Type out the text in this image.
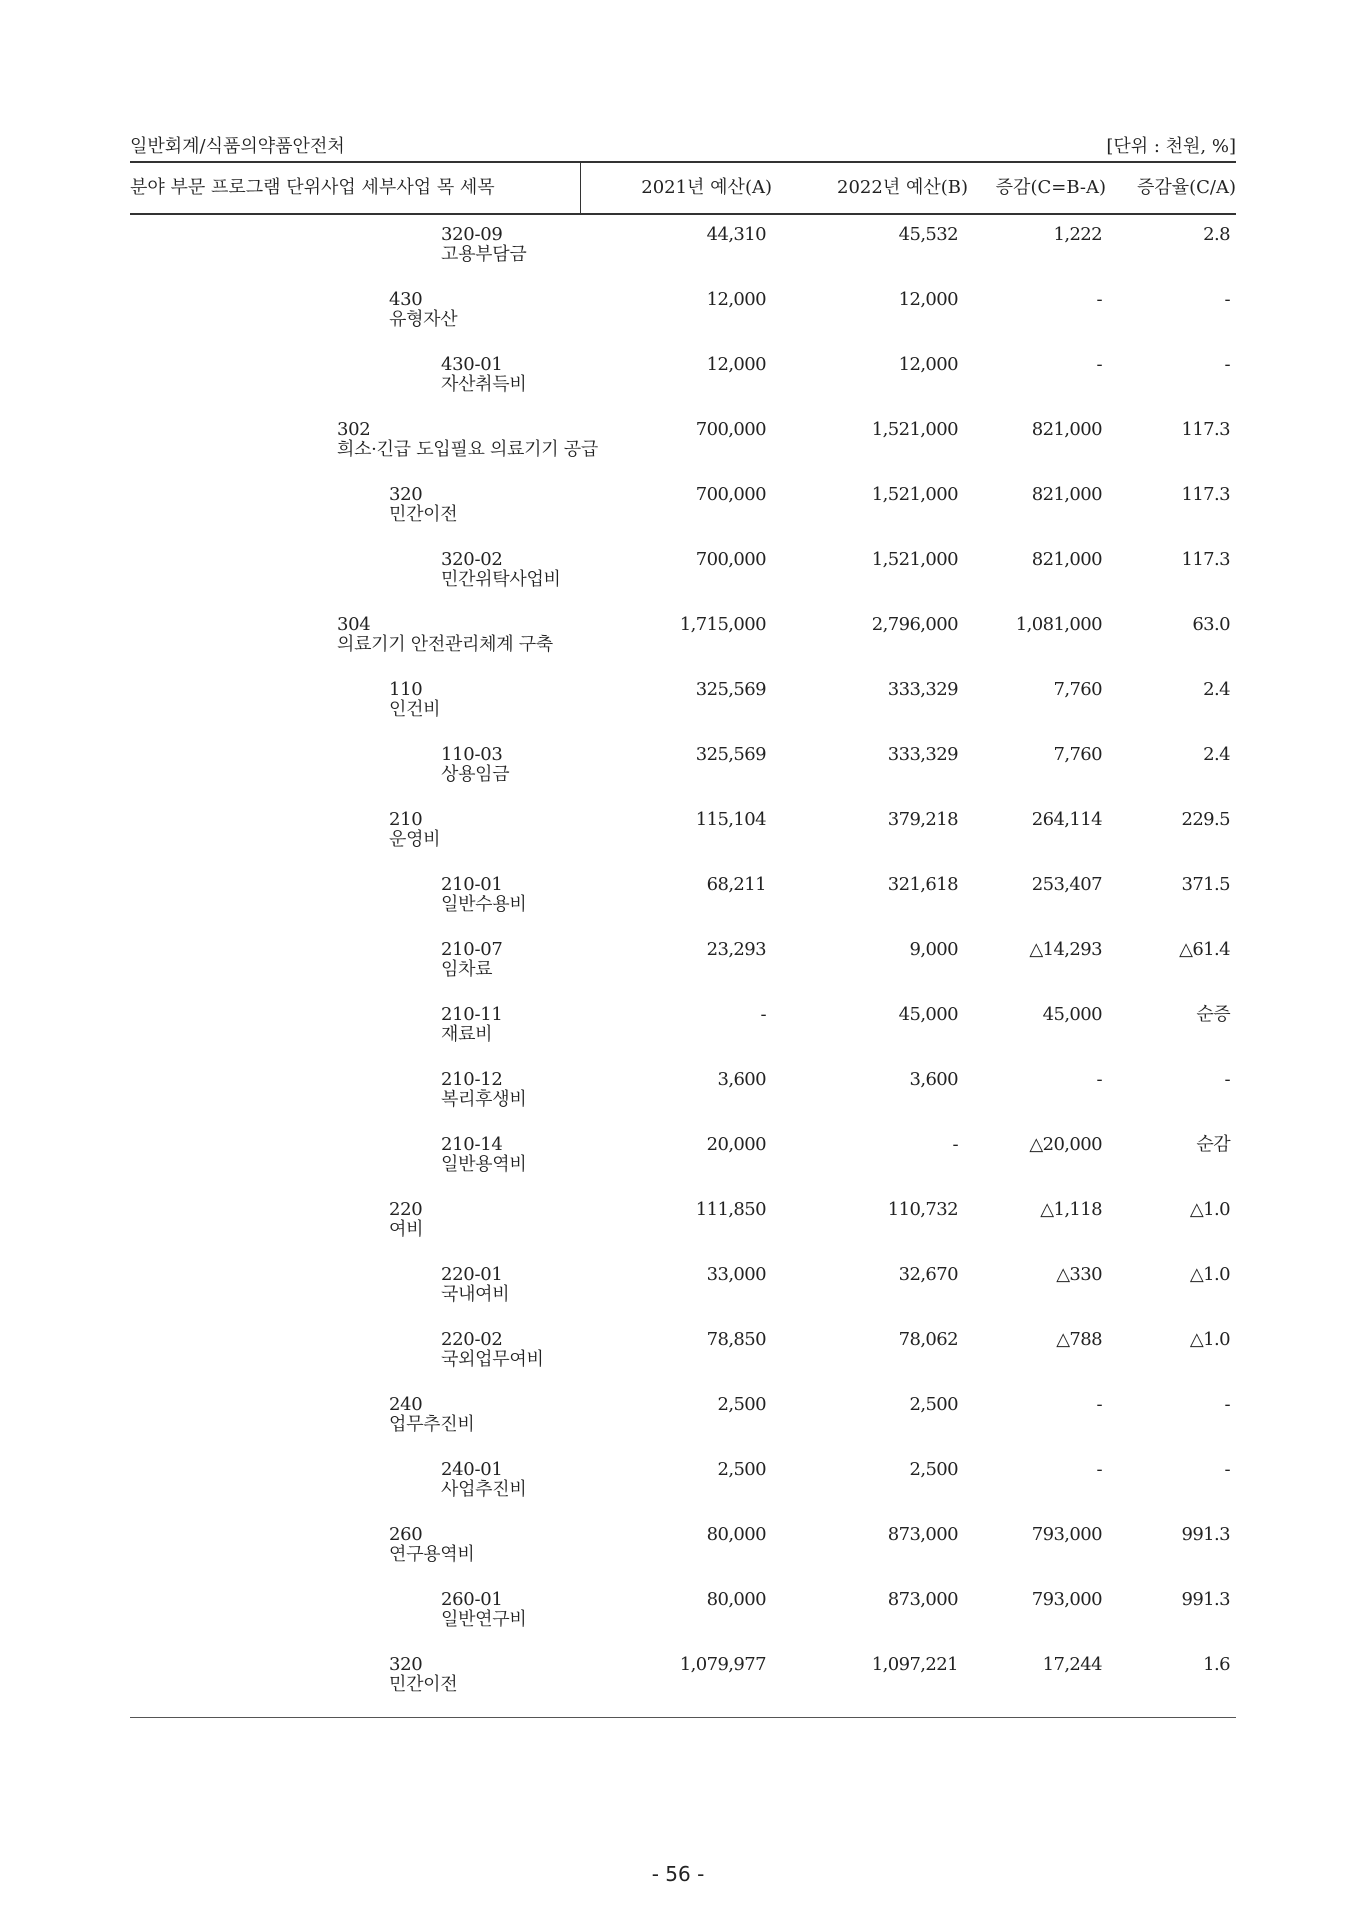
일반회계/식품의약품안전처	[단위 : 천원, %]
분야 부문 프로그램 단위사업 세부사업 목 세목	2021년 예산(A)	2022년 예산(B)	증감(C=B-A)	증감율(C/A)
320-09
고용부담금
44,310	45,532	1,222	2.8
430
유형자산
12,000	12,000	-	-
430-01
자산취득비
12,000	12,000	-	-
302
희소·긴급 도입필요 의료기기 공급
700,000	1,521,000	821,000	117.3
320
민간이전
700,000	1,521,000	821,000	117.3
320-02
민간위탁사업비
700,000	1,521,000	821,000	117.3
304
의료기기 안전관리체계 구축
1,715,000	2,796,000	1,081,000	63.0
110
인건비
325,569	333,329	7,760	2.4
110-03
상용임금
325,569	333,329	7,760	2.4
210
운영비
115,104	379,218	264,114	229.5
210-01
일반수용비
68,211	321,618	253,407	371.5
210-07
임차료
23,293	9,000	△14,293	△61.4
210-11
재료비
-	45,000	45,000	순증
210-12
복리후생비
3,600	3,600	-	-
210-14
일반용역비
20,000	-	△20,000	순감
220
여비
111,850	110,732	△1,118	△1.0
220-01
국내여비
33,000	32,670	△330	△1.0
220-02
국외업무여비
78,850	78,062	△788	△1.0
240
업무추진비
2,500	2,500	-	-
240-01
사업추진비
2,500	2,500	-	-
260
연구용역비
80,000	873,000	793,000	991.3
260-01
일반연구비
80,000	873,000	793,000	991.3
320
민간이전
1,079,977	1,097,221	17,244	1.6
- 56 -
